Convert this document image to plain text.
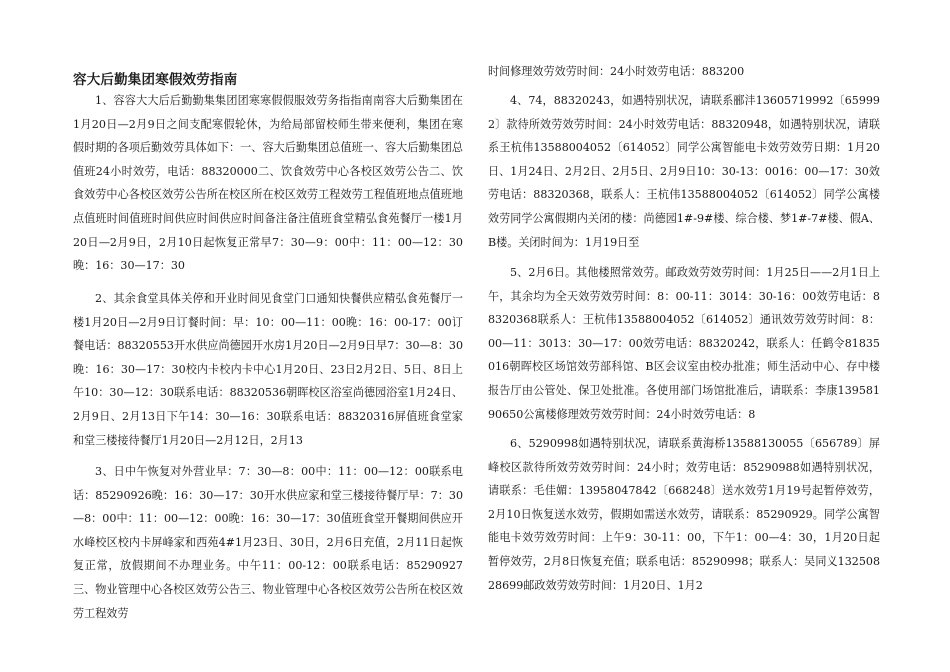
容大后勤集团寒假效劳指南

1、容容大大后后勤勤集集团团寒寒假假服效劳务指指南南容大后勤集团在1月20日—2月9日之间支配寒假轮休，为给局部留校师生带来便利，集团在寒假时期的各项后勤效劳具体如下：一、容大后勤集团总值班一、容大后勤集团总值班24小时效劳，电话：88320000二、饮食效劳中心各校区效劳公告二、饮食效劳中心各校区效劳公告所在校区所在校区效劳工程效劳工程值班地点值班地点值班时间值班时间供应时间供应时间备注备注值班食堂精弘食苑餐厅一楼1月20日—2月9日，2月10日起恢复正常早7：30—9：00中：11：00—12：30晚：16：30—17：30

2、其余食堂具体关停和开业时间见食堂门口通知快餐供应精弘食苑餐厅一楼1月20日—2月9日订餐时间：早：10：00—11：00晚：16：00-17：00订餐电话：88320553开水供应尚德园开水房1月20日—2月9日早7：30—8：30晚：16：30—17：30校内卡校内卡中心1月20日、23日2月2日、5日、8日上午10：30—12：30联系电话：88320536朝晖校区浴室尚德园浴室1月24日、2月9日、2月13日下午14：30—16：30联系电话：88320316屏值班食堂家和堂三楼接待餐厅1月20日—2月12日，2月13

3、日中午恢复对外营业早：7：30—8：00中：11：00—12：00联系电话：85290926晚：16：30—17：30开水供应家和堂三楼接待餐厅早：7：30—8：00中：11：00—12：00晚：16：30—17：30值班食堂开餐期间供应开水峰校区校内卡屏峰家和西苑4#1月23日、30日，2月6日充值，2月11日起恢复正常，放假期间不办理业务。中午11：00-12：00联系电话：85290927三、物业管理中心各校区效劳公告三、物业管理中心各校区效劳公告所在校区效劳工程效劳

时间修理效劳效劳时间：24小时效劳电话：883200

4、74，88320243，如遇特别状况，请联系郦沣13605719992〔659992〕款待所效劳效劳时间：24小时效劳电话：88320948，如遇特别状况，请联系王杭伟13588004052〔614052〕同学公寓智能电卡效劳效劳日期：1月20日、1月24日、2月2日、2月5日、2月9日10：30-13：0016：00—17：30效劳电话：88320368，联系人：王杭伟13588004052〔614052〕同学公寓楼效劳同学公寓假期内关闭的楼：尚德园1#-9#楼、综合楼、梦1#-7#楼、假A、B楼。关闭时间为：1月19日至

5、2月6日。其他楼照常效劳。邮政效劳效劳时间：1月25日——2月1日上午，其余均为全天效劳效劳时间：8：00-11：3014：30-16：00效劳电话：88320368联系人：王杭伟13588004052〔614052〕通讯效劳效劳时间：8：00—11：3013：30—17：00效劳电话：88320242，联系人：任鹤令81835016朝晖校区场馆效劳部科馆、B区会议室由校办批准；师生活动中心、存中楼报告厅由公管处、保卫处批准。各使用部门场馆批准后，请联系：李康13958190650公寓楼修理效劳效劳时间：24小时效劳电话：8

6、5290998如遇特别状况，请联系黄海桥13588130055〔656789〕屏峰校区款待所效劳效劳时间：24小时；效劳电话：85290988如遇特别状况，请联系：毛佳媚：13958047842〔668248〕送水效劳1月19号起暂停效劳，2月10日恢复送水效劳，假期如需送水效劳，请联系：85290929。同学公寓智能电卡效劳效劳时间：上午9：30-11：00，下午1：00—4：30，1月20日起暂停效劳，2月8日恢复充值；联系电话：85290998；联系人：吴同义13250828699邮政效劳效劳时间：1月20日、1月2
